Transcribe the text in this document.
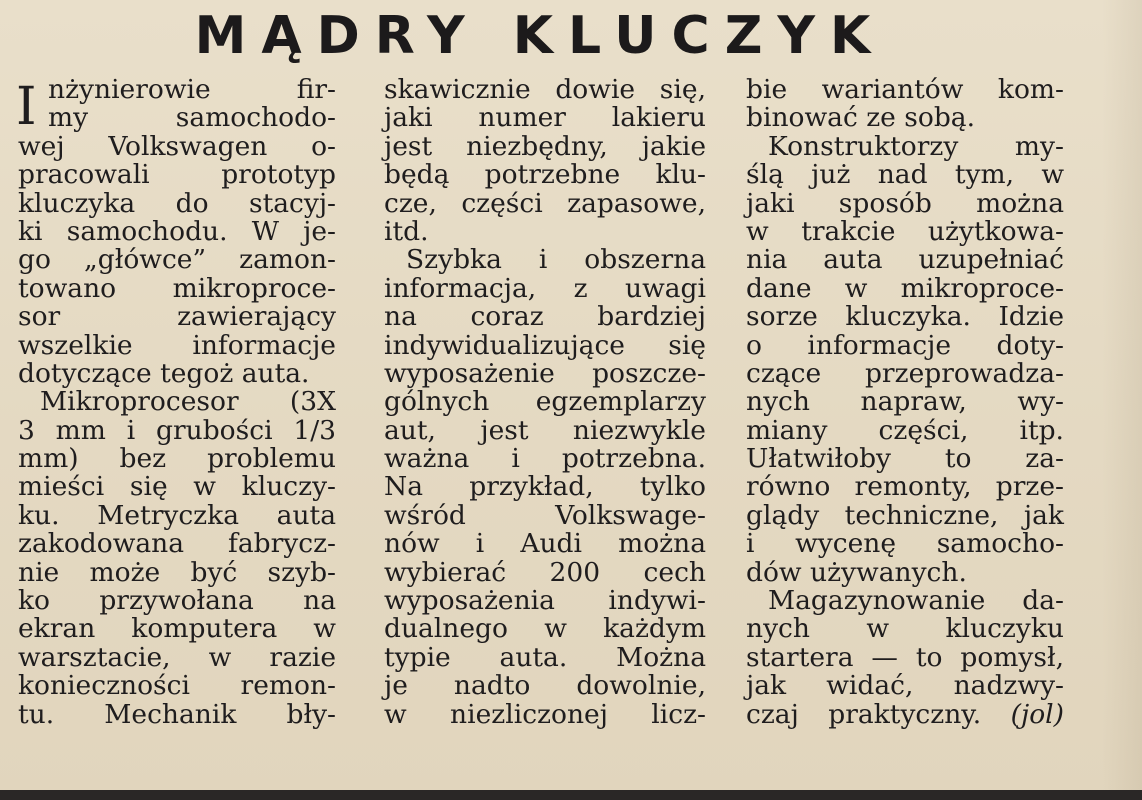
MĄDRY KLUCZYK
I nżynierowie fir-
my samochodo-
wej Volkswagen o-
pracowali prototyp
kluczyka do stacyj-
ki samochodu. W je-
go „główce” zamon-
towano mikroproce-
sor zawierający
wszelkie informacje
dotyczące tegoż auta.
Mikroprocesor (3X
3 mm i grubości 1/3
mm) bez problemu
mieści się w kluczy-
ku. Metryczka auta
zakodowana fabrycz-
nie może być szyb-
ko przywołana na
ekran komputera w
warsztacie, w razie
konieczności remon-
tu. Mechanik bły-
skawicznie dowie się,
jaki numer lakieru
jest niezbędny, jakie
będą potrzebne klu-
cze, części zapasowe,
itd.
Szybka i obszerna
informacja, z uwagi
na coraz bardziej
indywidualizujące się
wyposażenie poszcze-
gólnych egzemplarzy
aut, jest niezwykle
ważna i potrzebna.
Na przykład, tylko
wśród Volkswage-
nów i Audi można
wybierać 200 cech
wyposażenia indywi-
dualnego w każdym
typie auta. Można
je nadto dowolnie,
w niezliczonej licz-
bie wariantów kom-
binować ze sobą.
Konstruktorzy my-
ślą już nad tym, w
jaki sposób można
w trakcie użytkowa-
nia auta uzupełniać
dane w mikroproce-
sorze kluczyka. Idzie
o informacje doty-
czące przeprowadza-
nych napraw, wy-
miany części, itp.
Ułatwiłoby to za-
równo remonty, prze-
glądy techniczne, jak
i wycenę samocho-
dów używanych.
Magazynowanie da-
nych w kluczyku
startera — to pomysł,
jak widać, nadzwy-
czaj praktyczny. (jol)
